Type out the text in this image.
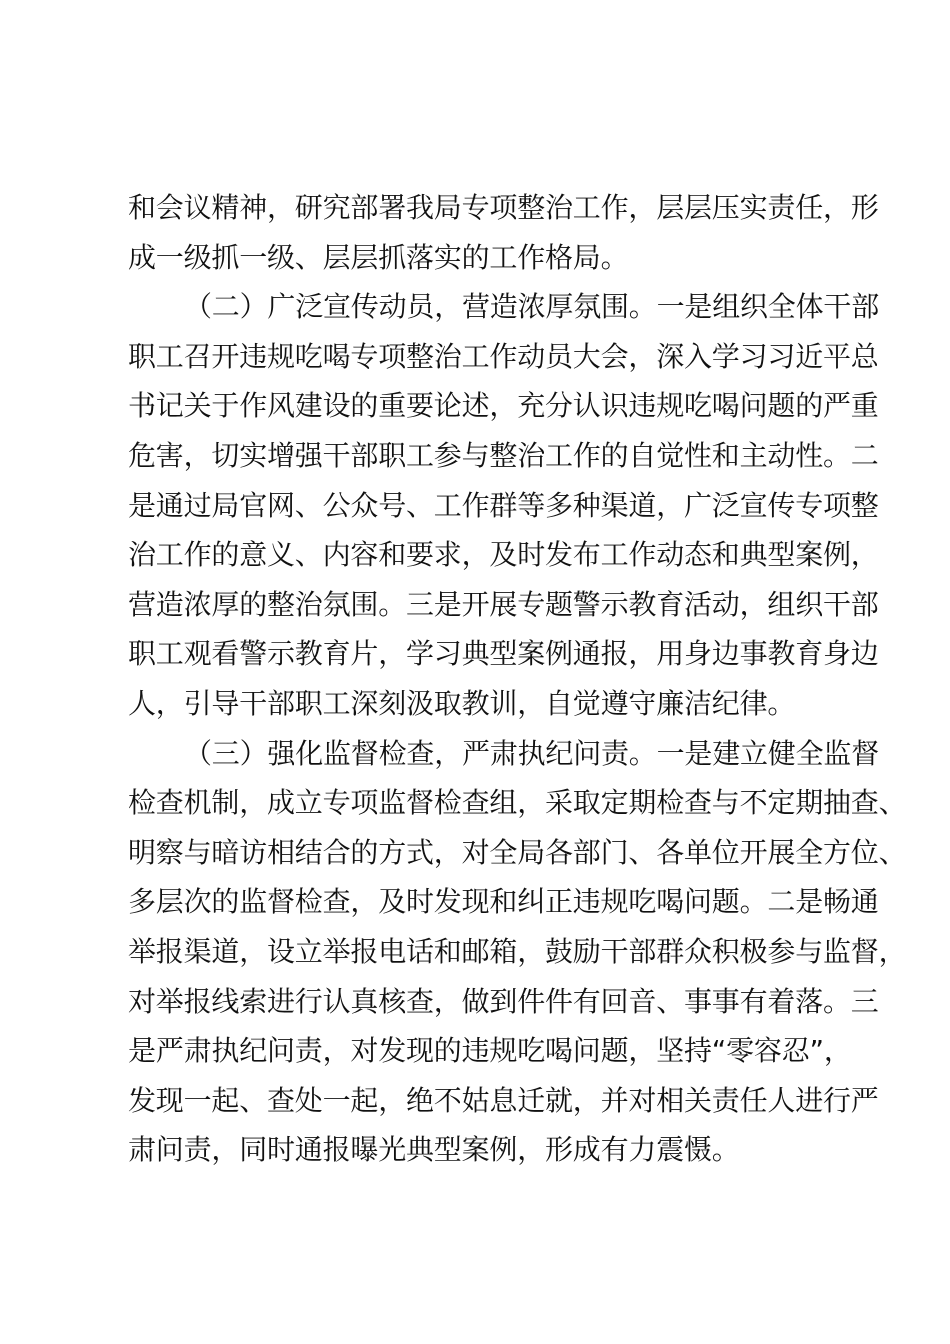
和会议精神，研究部署我局专项整治工作，层层压实责任，形
成一级抓一级、层层抓落实的工作格局。
（二）广泛宣传动员，营造浓厚氛围。一是组织全体干部
职工召开违规吃喝专项整治工作动员大会，深入学习习近平总
书记关于作风建设的重要论述，充分认识违规吃喝问题的严重
危害，切实增强干部职工参与整治工作的自觉性和主动性。二
是通过局官网、公众号、工作群等多种渠道，广泛宣传专项整
治工作的意义、内容和要求，及时发布工作动态和典型案例，
营造浓厚的整治氛围。三是开展专题警示教育活动，组织干部
职工观看警示教育片，学习典型案例通报，用身边事教育身边
人，引导干部职工深刻汲取教训，自觉遵守廉洁纪律。
（三）强化监督检查，严肃执纪问责。一是建立健全监督
检查机制，成立专项监督检查组，采取定期检查与不定期抽查、
明察与暗访相结合的方式，对全局各部门、各单位开展全方位、
多层次的监督检查，及时发现和纠正违规吃喝问题。二是畅通
举报渠道，设立举报电话和邮箱，鼓励干部群众积极参与监督，
对举报线索进行认真核查，做到件件有回音、事事有着落。三
是严肃执纪问责，对发现的违规吃喝问题，坚持“零容忍”，
发现一起、查处一起，绝不姑息迁就，并对相关责任人进行严
肃问责，同时通报曝光典型案例，形成有力震慑。
